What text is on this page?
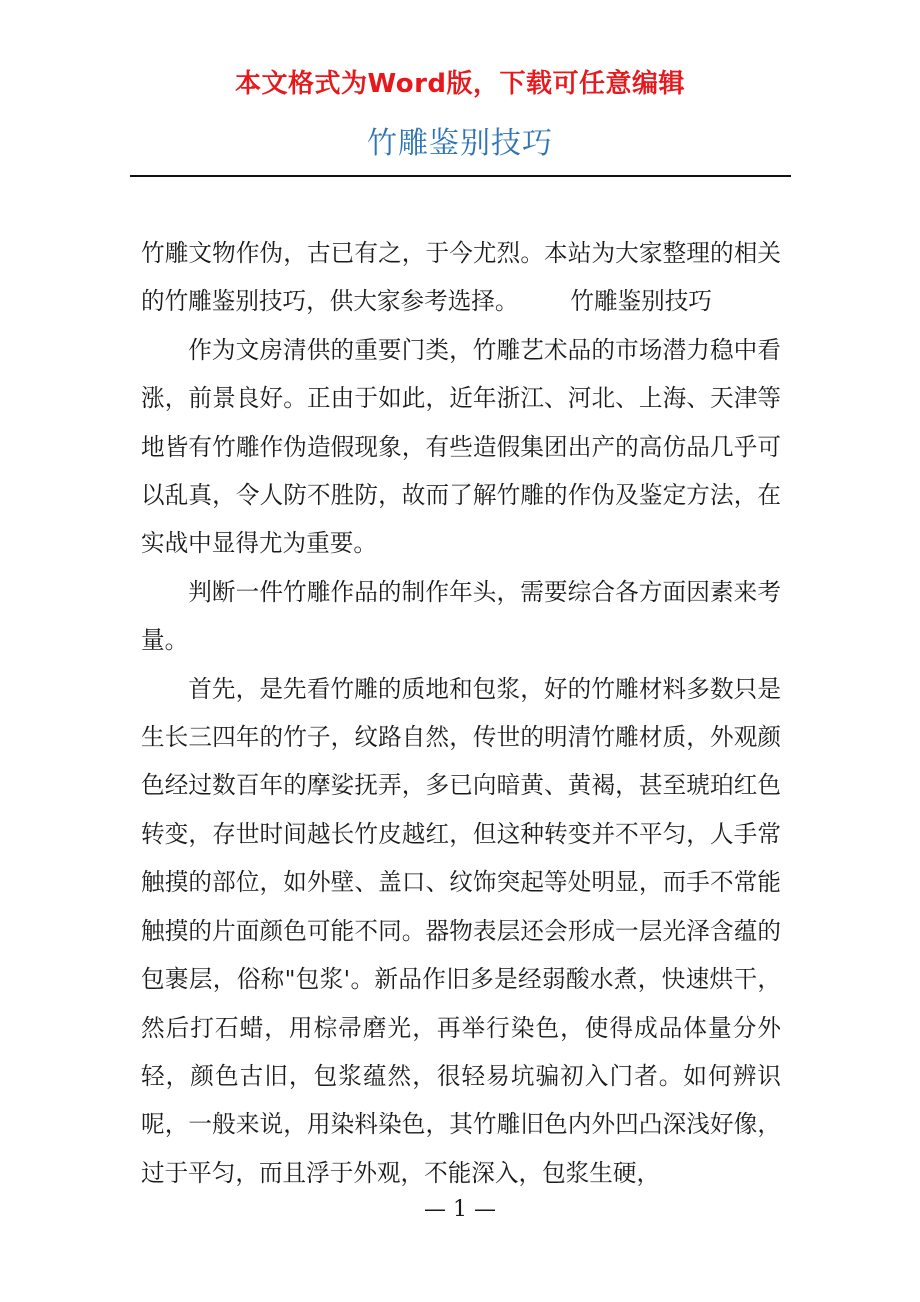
本文格式为Word版，下载可任意编辑
竹雕鉴别技巧

竹雕文物作伪，古已有之，于今尤烈。本站为大家整理的相关的竹雕鉴别技巧，供大家参考选择。 竹雕鉴别技巧

作为文房清供的重要门类，竹雕艺术品的市场潜力稳中看涨，前景良好。正由于如此，近年浙江、河北、上海、天津等地皆有竹雕作伪造假现象，有些造假集团出产的高仿品几乎可以乱真，令人防不胜防，故而了解竹雕的作伪及鉴定方法，在实战中显得尤为重要。

判断一件竹雕作品的制作年头，需要综合各方面因素来考量。

首先，是先看竹雕的质地和包浆，好的竹雕材料多数只是生长三四年的竹子，纹路自然，传世的明清竹雕材质，外观颜色经过数百年的摩娑抚弄，多已向暗黄、黄褐，甚至琥珀红色转变，存世时间越长竹皮越红，但这种转变并不平匀，人手常触摸的部位，如外壁、盖口、纹饰突起等处明显，而手不常能触摸的片面颜色可能不同。器物表层还会形成一层光泽含蕴的包裹层，俗称"包浆'。新品作旧多是经弱酸水煮，快速烘干，然后打石蜡，用棕帚磨光，再举行染色，使得成品体量分外轻，颜色古旧，包浆蕴然，很轻易坑骗初入门者。如何辨识呢，一般来说，用染料染色，其竹雕旧色内外凹凸深浅好像，过于平匀，而且浮于外观，不能深入，包浆生硬，

— 1 —
